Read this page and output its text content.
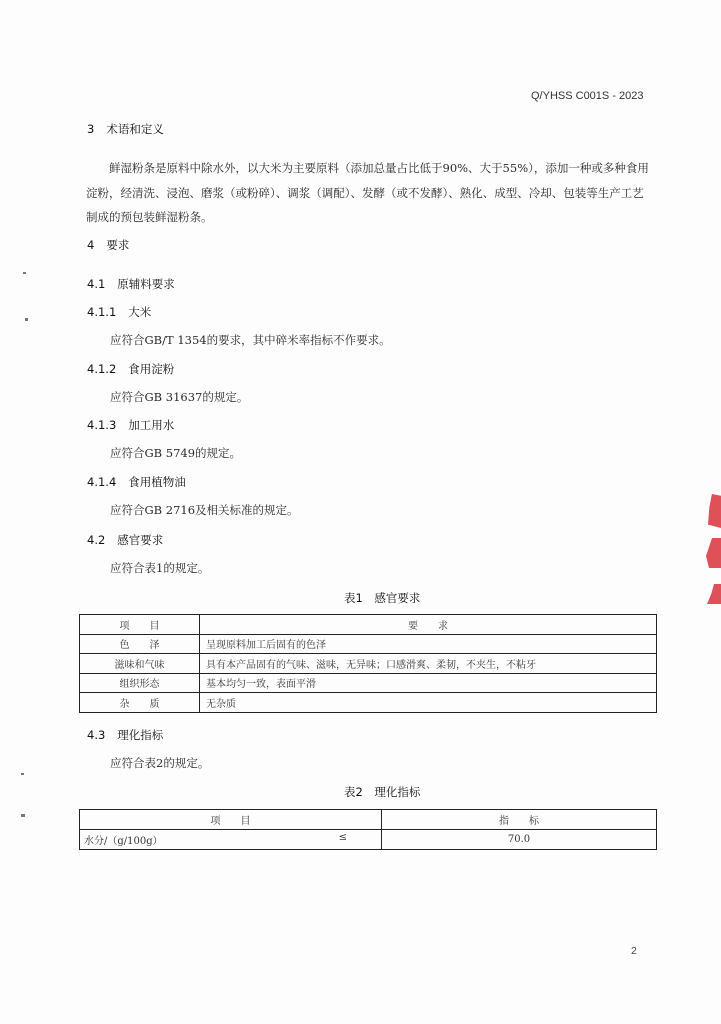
Q/YHSS C001S - 2023
3 术语和定义
鲜湿粉条是原料中除水外，以大米为主要原料（添加总量占比低于90%、大于55%），添加一种或多种食用淀粉，经清洗、浸泡、磨浆（或粉碎）、调浆（调配）、发酵（或不发酵）、熟化、成型、冷却、包装等生产工艺制成的预包装鲜湿粉条。
4 要求
4.1 原辅料要求
4.1.1 大米
应符合GB/T 1354的要求，其中碎米率指标不作要求。
4.1.2 食用淀粉
应符合GB 31637的规定。
4.1.3 加工用水
应符合GB 5749的规定。
4.1.4 食用植物油
应符合GB 2716及相关标准的规定。
4.2 感官要求
应符合表1的规定。
表1　感官要求
项　　目	要　　求
色　　泽	呈现原料加工后固有的色泽
滋味和气味	具有本产品固有的气味、滋味，无异味；口感滑爽、柔韧，不夹生，不粘牙
组织形态	基本均匀一致，表面平滑
杂　　质	无杂质
4.3 理化指标
应符合表2的规定。
表2　理化指标
项　　目	指　　标
水分/（g/100g） ≤	70.0
2
